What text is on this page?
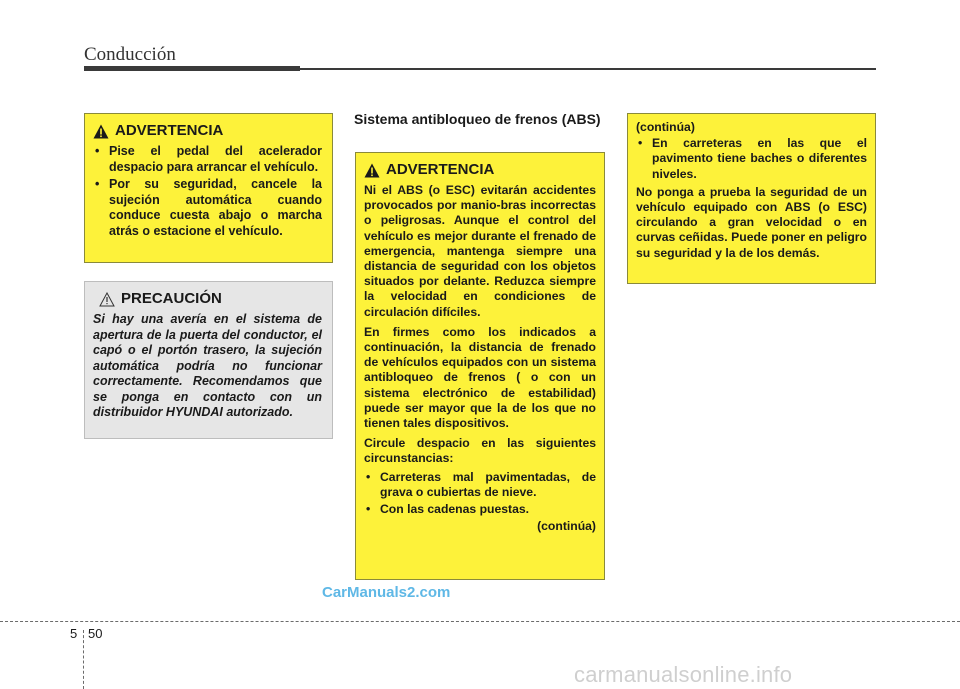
Conducción
ADVERTENCIA
• Pise el pedal del acelerador despacio para arrancar el vehículo.
• Por su seguridad, cancele la sujeción automática cuando conduce cuesta abajo o marcha atrás o estacione el vehículo.
PRECAUCIÓN
Si hay una avería en el sistema de apertura de la puerta del conductor, el capó o el portón trasero, la sujeción automática podría no funcionar correctamente. Recomendamos que se ponga en contacto con un distribuidor HYUNDAI autorizado.
Sistema antibloqueo de frenos (ABS)
ADVERTENCIA
Ni el ABS (o ESC) evitarán accidentes provocados por manio-bras incorrectas o peligrosas. Aunque el control del vehículo es mejor durante el frenado de emergencia, mantenga siempre una distancia de seguridad con los objetos situados por delante. Reduzca siempre la velocidad en condiciones de circulación difíciles.
En firmes como los indicados a continuación, la distancia de frenado de vehículos equipados con un sistema antibloqueo de frenos ( o con un sistema electrónico de estabilidad) puede ser mayor que la de los que no tienen tales dispositivos.
Circule despacio en las siguientes circunstancias:
• Carreteras mal pavimentadas, de grava o cubiertas de nieve.
• Con las cadenas puestas.
(continúa)
(continúa)
• En carreteras en las que el pavimento tiene baches o diferentes niveles.
No ponga a prueba la seguridad de un vehículo equipado con ABS (o ESC) circulando a gran velocidad o en curvas ceñidas. Puede poner en peligro su seguridad y la de los demás.
CarManuals2.com
5 50
carmanualsonline.info
